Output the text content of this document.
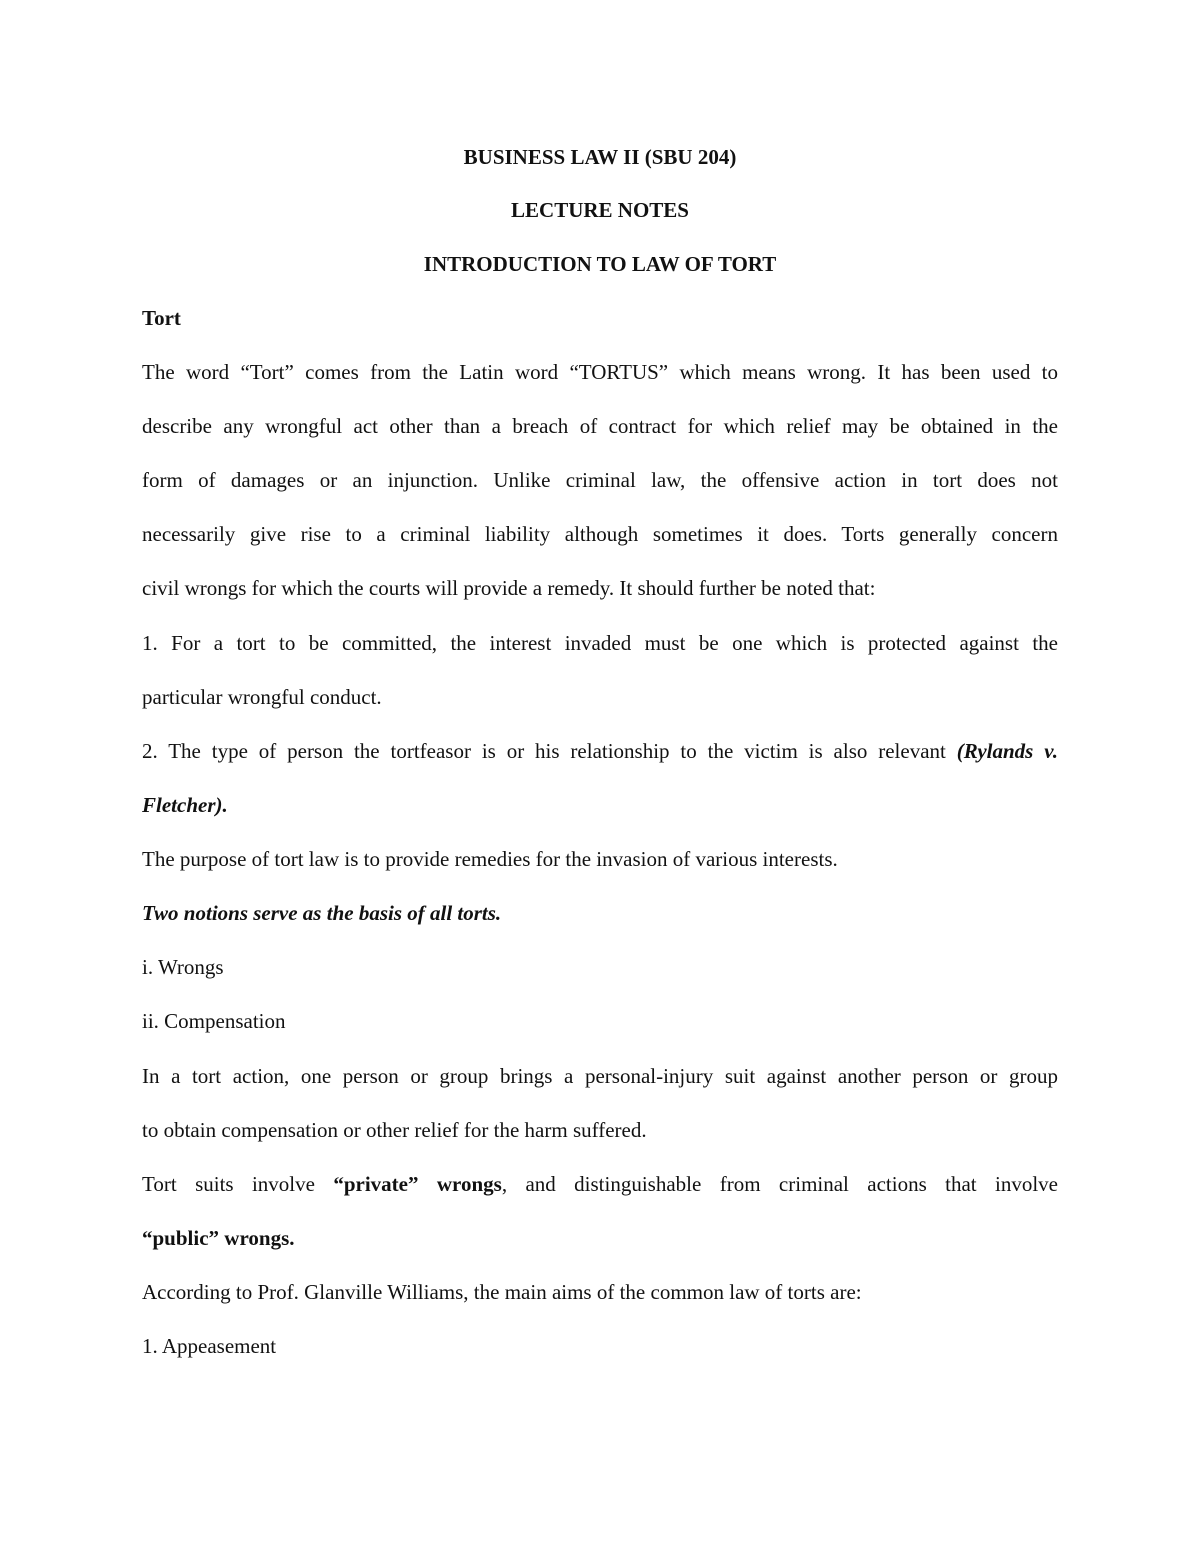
BUSINESS LAW II (SBU 204)
LECTURE NOTES
INTRODUCTION TO LAW OF TORT
Tort
The word “Tort” comes from the Latin word “TORTUS” which means wrong. It has been used to
describe any wrongful act other than a breach of contract for which relief may be obtained in the
form of damages or an injunction. Unlike criminal law, the offensive action in tort does not
necessarily give rise to a criminal liability although sometimes it does. Torts generally concern
civil wrongs for which the courts will provide a remedy. It should further be noted that:
1. For a tort to be committed, the interest invaded must be one which is protected against the
particular wrongful conduct.
2. The type of person the tortfeasor is or his relationship to the victim is also relevant (Rylands v.
Fletcher).
The purpose of tort law is to provide remedies for the invasion of various interests.
Two notions serve as the basis of all torts.
i. Wrongs
ii. Compensation
In a tort action, one person or group brings a personal-injury suit against another person or group
to obtain compensation or other relief for the harm suffered.
Tort suits involve “private” wrongs, and distinguishable from criminal actions that involve
“public” wrongs.
According to Prof. Glanville Williams, the main aims of the common law of torts are:
1. Appeasement
